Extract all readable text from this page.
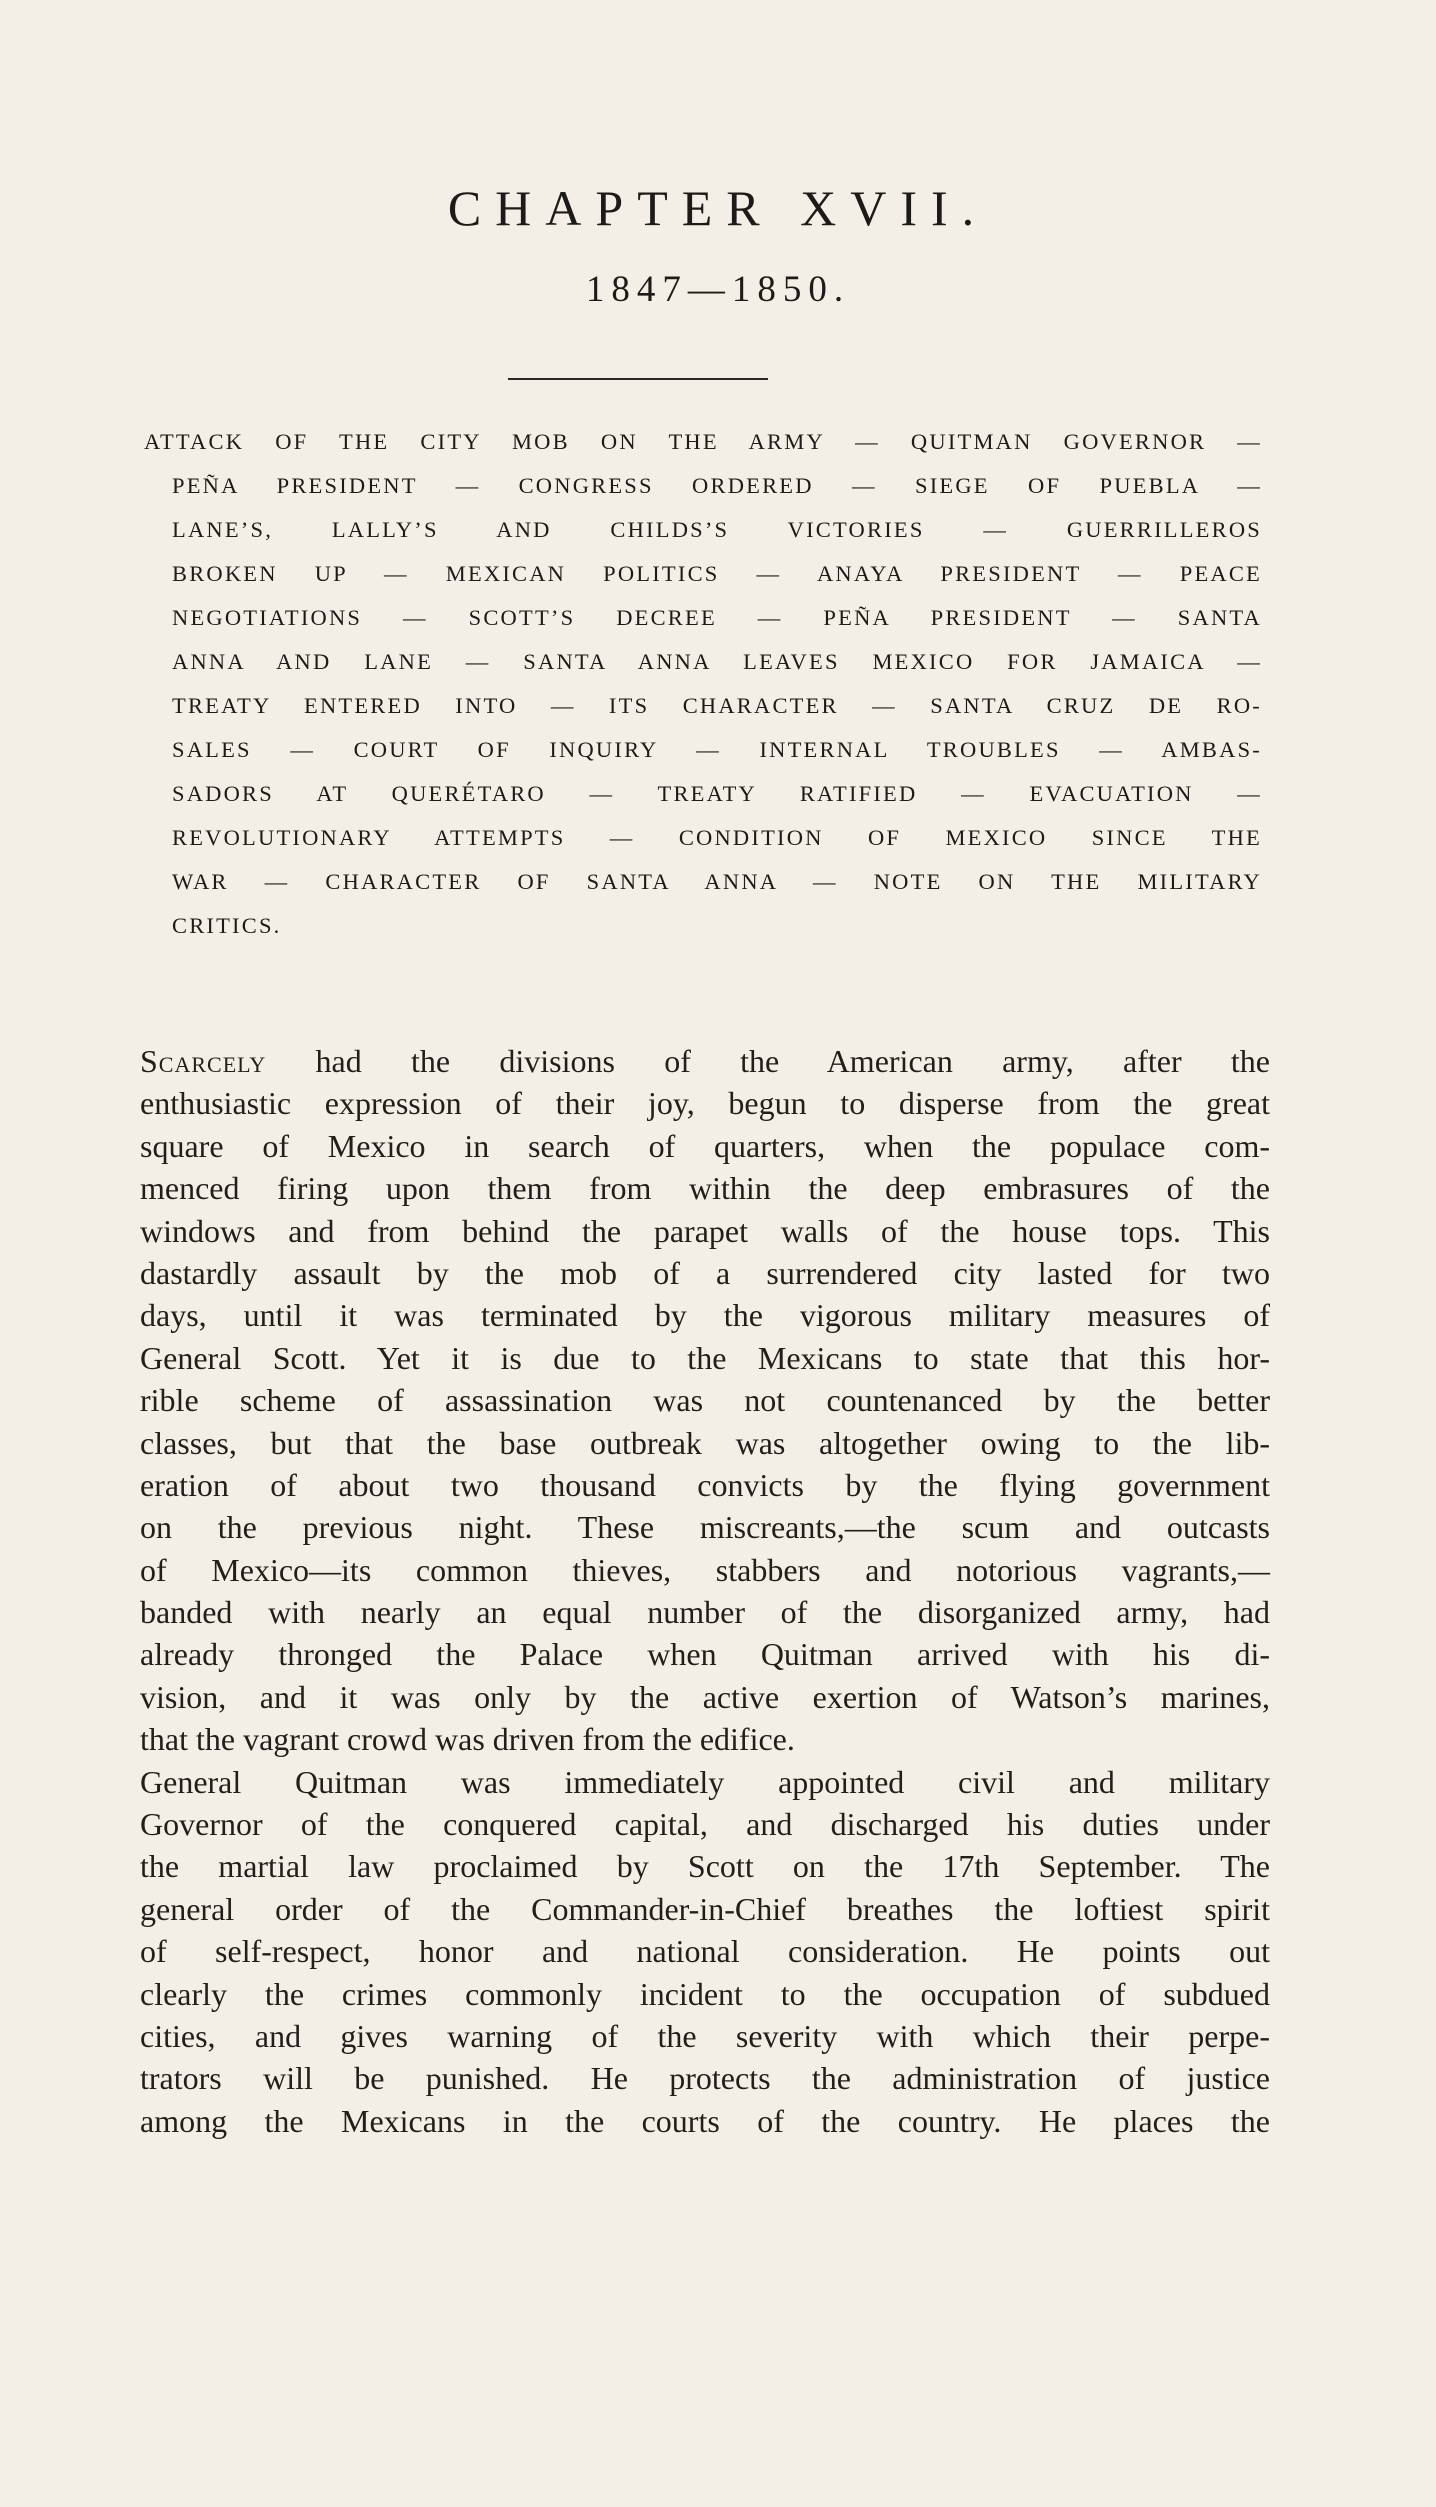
CHAPTER XVII.
1847—1850.
ATTACK OF THE CITY MOB ON THE ARMY — QUITMAN GOVERNOR —
PEÑA PRESIDENT — CONGRESS ORDERED — SIEGE OF PUEBLA —
LANE’S, LALLY’S AND CHILDS’S VICTORIES — GUERRILLEROS
BROKEN UP — MEXICAN POLITICS — ANAYA PRESIDENT — PEACE
NEGOTIATIONS — SCOTT’S DECREE — PEÑA PRESIDENT — SANTA
ANNA AND LANE — SANTA ANNA LEAVES MEXICO FOR JAMAICA —
TREATY ENTERED INTO — ITS CHARACTER — SANTA CRUZ DE RO-
SALES — COURT OF INQUIRY — INTERNAL TROUBLES — AMBAS-
SADORS AT QUERÉTARO — TREATY RATIFIED — EVACUATION —
REVOLUTIONARY ATTEMPTS — CONDITION OF MEXICO SINCE THE
WAR — CHARACTER OF SANTA ANNA — NOTE ON THE MILITARY
CRITICS.
Scarcely had the divisions of the American army, after the
enthusiastic expression of their joy, begun to disperse from the great
square of Mexico in search of quarters, when the populace com-
menced firing upon them from within the deep embrasures of the
windows and from behind the parapet walls of the house tops. This
dastardly assault by the mob of a surrendered city lasted for two
days, until it was terminated by the vigorous military measures of
General Scott. Yet it is due to the Mexicans to state that this hor-
rible scheme of assassination was not countenanced by the better
classes, but that the base outbreak was altogether owing to the lib-
eration of about two thousand convicts by the flying government
on the previous night. These miscreants,—the scum and outcasts
of Mexico—its common thieves, stabbers and notorious vagrants,—
banded with nearly an equal number of the disorganized army, had
already thronged the Palace when Quitman arrived with his di-
vision, and it was only by the active exertion of Watson’s marines,
that the vagrant crowd was driven from the edifice.
General Quitman was immediately appointed civil and military
Governor of the conquered capital, and discharged his duties under
the martial law proclaimed by Scott on the 17th September. The
general order of the Commander-in-Chief breathes the loftiest spirit
of self-respect, honor and national consideration. He points out
clearly the crimes commonly incident to the occupation of subdued
cities, and gives warning of the severity with which their perpe-
trators will be punished. He protects the administration of justice
among the Mexicans in the courts of the country. He places the
